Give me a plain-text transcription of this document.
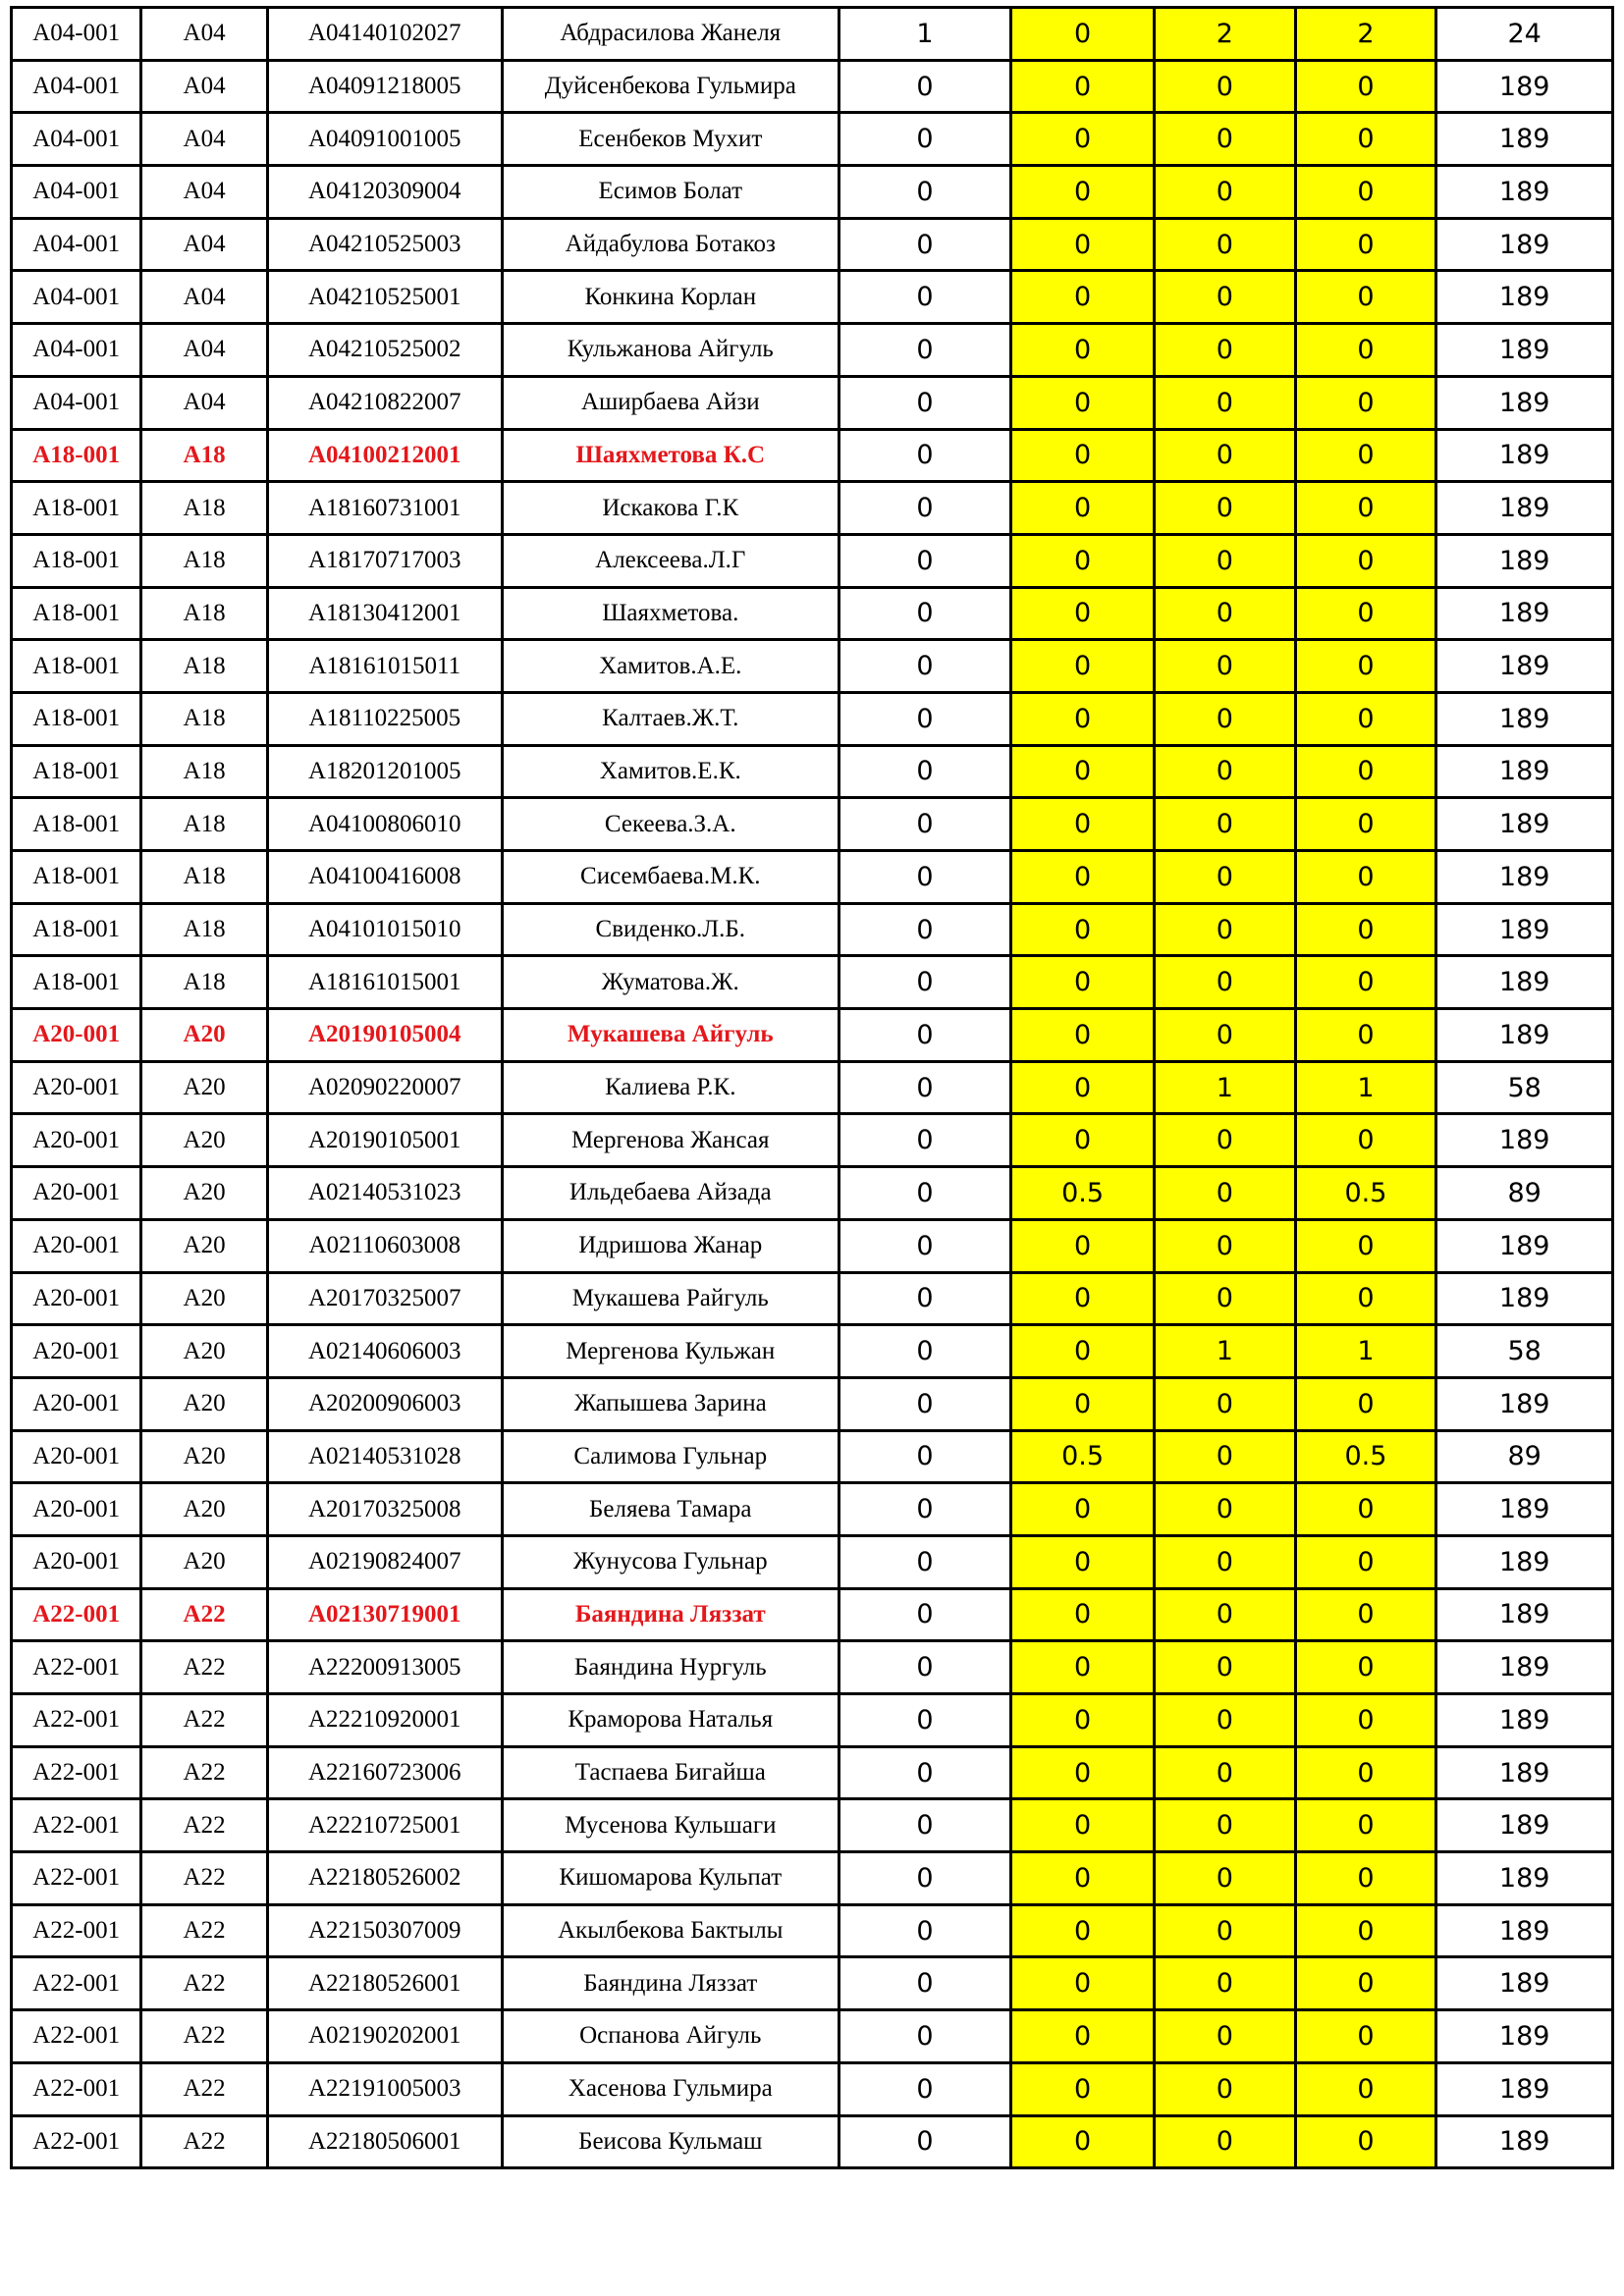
А04-001	А04	А04140102027	Абдрасилова Жанеля	1	0	2	2	24
А04-001	А04	А04091218005	Дуйсенбекова Гульмира	0	0	0	0	189
А04-001	А04	А04091001005	Есенбеков Мухит	0	0	0	0	189
А04-001	А04	А04120309004	Есимов Болат	0	0	0	0	189
А04-001	А04	А04210525003	Айдабулова Ботакоз	0	0	0	0	189
А04-001	А04	А04210525001	Конкина Корлан	0	0	0	0	189
А04-001	А04	А04210525002	Кульжанова Айгуль	0	0	0	0	189
А04-001	А04	А04210822007	Аширбаева Айзи	0	0	0	0	189
А18-001	А18	А04100212001	Шаяхметова К.С	0	0	0	0	189
А18-001	А18	А18160731001	Искакова Г.К	0	0	0	0	189
А18-001	А18	А18170717003	Алексеева.Л.Г	0	0	0	0	189
А18-001	А18	А18130412001	Шаяхметова.	0	0	0	0	189
А18-001	А18	А18161015011	Хамитов.А.Е.	0	0	0	0	189
А18-001	А18	А18110225005	Калтаев.Ж.Т.	0	0	0	0	189
А18-001	А18	А18201201005	Хамитов.Е.К.	0	0	0	0	189
А18-001	А18	А04100806010	Секеева.З.А.	0	0	0	0	189
А18-001	А18	А04100416008	Сисембаева.М.К.	0	0	0	0	189
А18-001	А18	А04101015010	Свиденко.Л.Б.	0	0	0	0	189
А18-001	А18	А18161015001	Жуматова.Ж.	0	0	0	0	189
А20-001	А20	А20190105004	Мукашева Айгуль	0	0	0	0	189
А20-001	А20	А02090220007	Калиева Р.К.	0	0	1	1	58
А20-001	А20	А20190105001	Мергенова Жансая	0	0	0	0	189
А20-001	А20	А02140531023	Ильдебаева Айзада	0	0.5	0	0.5	89
А20-001	А20	А02110603008	Идришова Жанар	0	0	0	0	189
А20-001	А20	А20170325007	Мукашева Райгуль	0	0	0	0	189
А20-001	А20	А02140606003	Мергенова Кульжан	0	0	1	1	58
А20-001	А20	А20200906003	Жапышева Зарина	0	0	0	0	189
А20-001	А20	А02140531028	Салимова Гульнар	0	0.5	0	0.5	89
А20-001	А20	А20170325008	Беляева Тамара	0	0	0	0	189
А20-001	А20	А02190824007	Жунусова Гульнар	0	0	0	0	189
А22-001	А22	А02130719001	Баяндина Ляззат	0	0	0	0	189
А22-001	А22	А22200913005	Баяндина Нургуль	0	0	0	0	189
А22-001	А22	А22210920001	Краморова Наталья	0	0	0	0	189
А22-001	А22	А22160723006	Таспаева Бигайша	0	0	0	0	189
А22-001	А22	А22210725001	Мусенова Кульшаги	0	0	0	0	189
А22-001	А22	А22180526002	Кишомарова Кульпат	0	0	0	0	189
А22-001	А22	А22150307009	Акылбекова Бактылы	0	0	0	0	189
А22-001	А22	А22180526001	Баяндина Ляззат	0	0	0	0	189
А22-001	А22	А02190202001	Оспанова Айгуль	0	0	0	0	189
А22-001	А22	А22191005003	Хасенова Гульмира	0	0	0	0	189
А22-001	А22	А22180506001	Беисова Кульмаш	0	0	0	0	189
